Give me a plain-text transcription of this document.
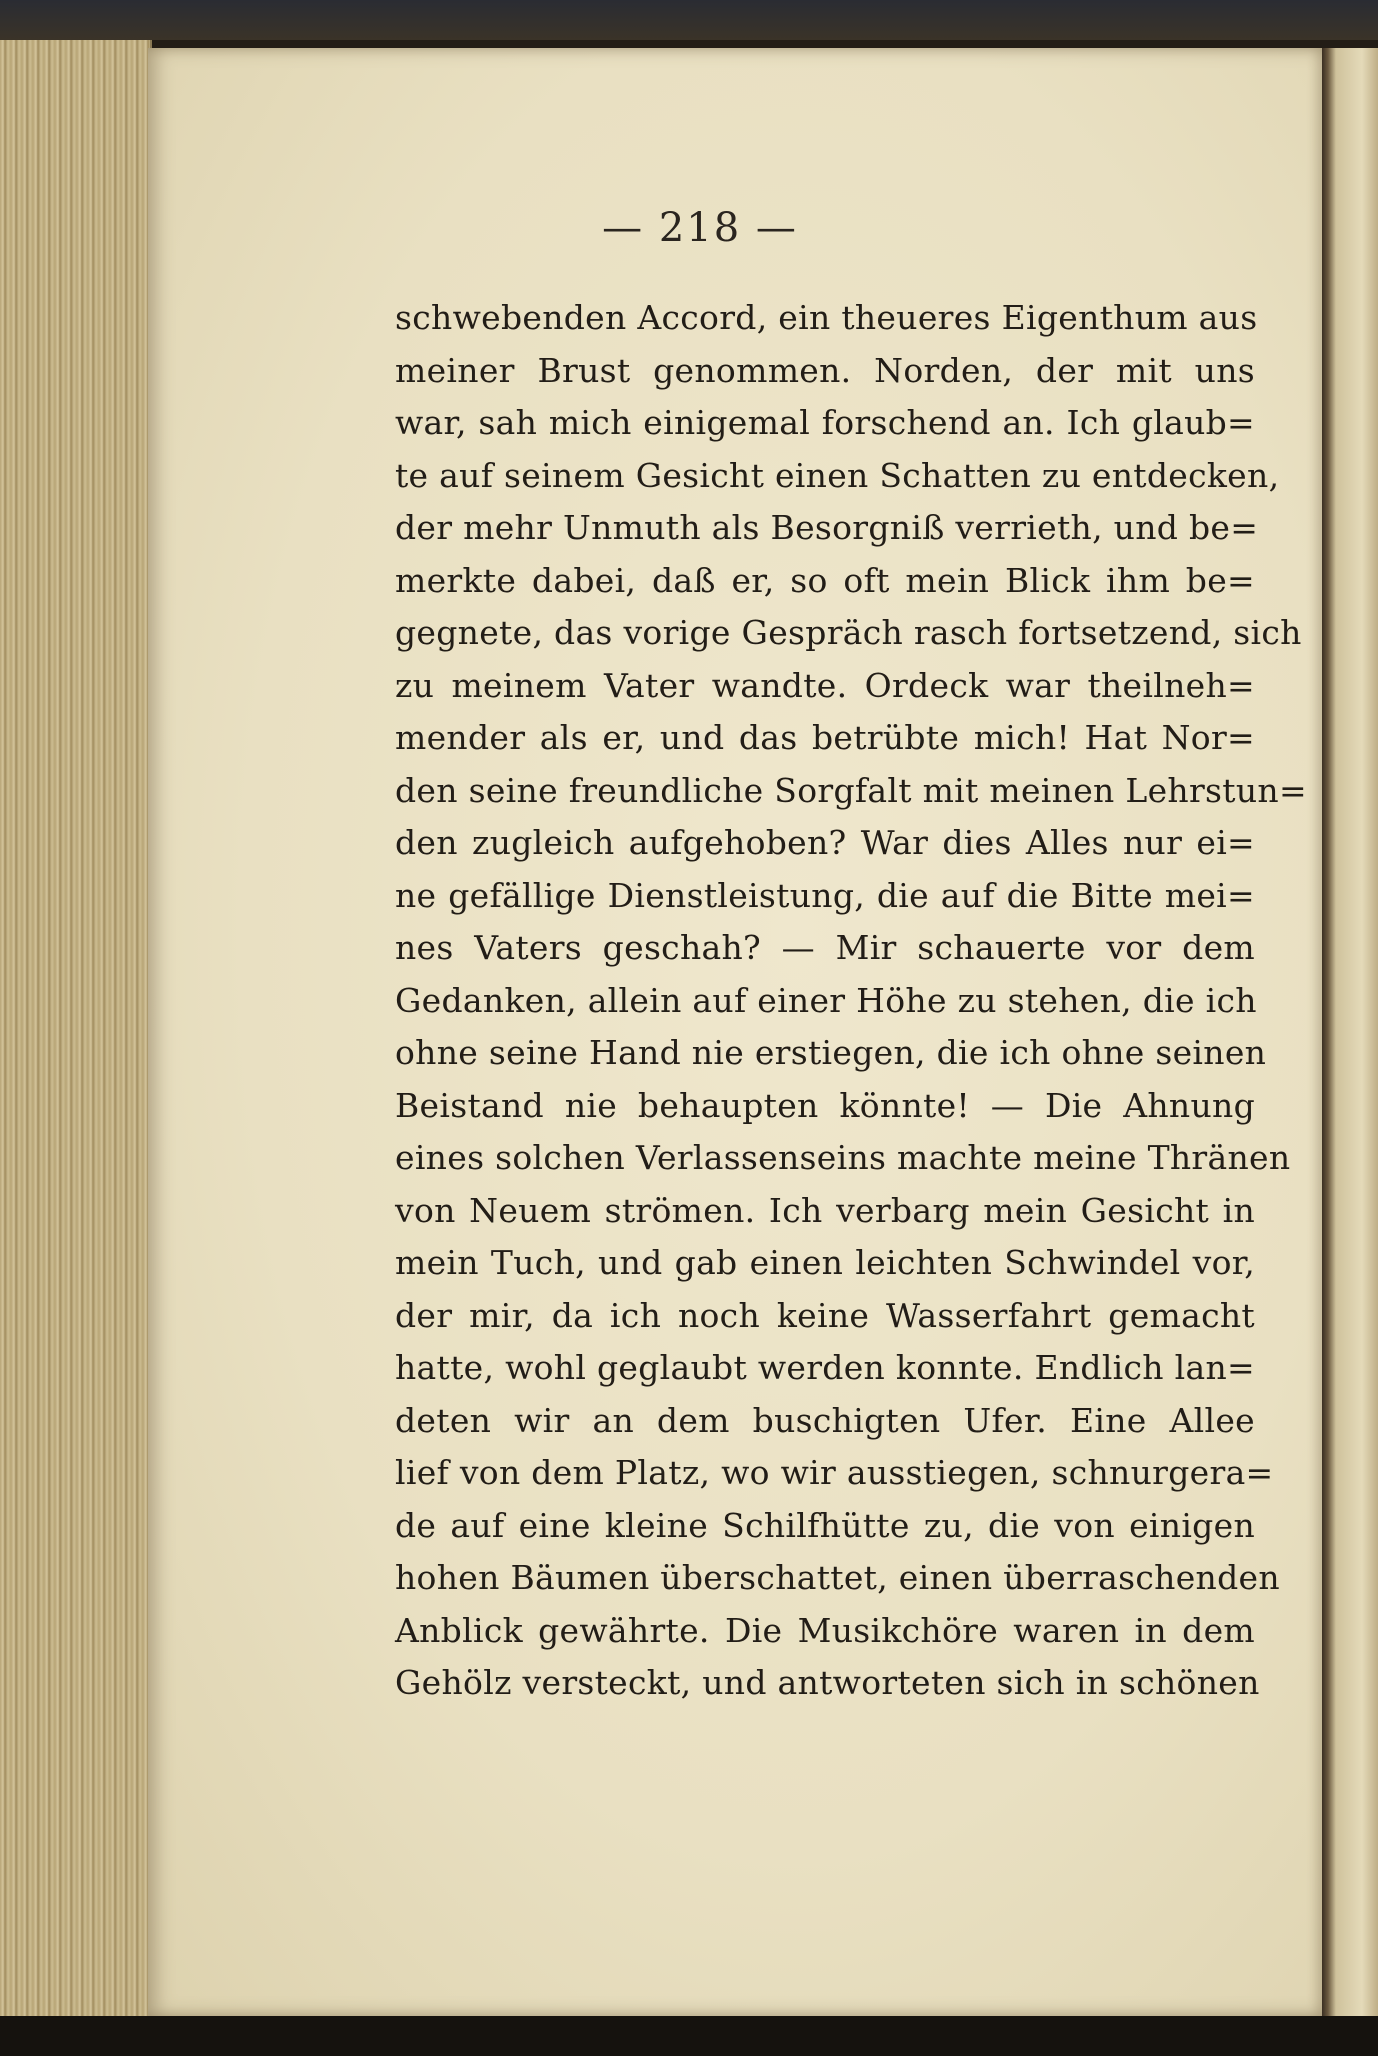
— 218 —
schwebenden Accord, ein theueres Eigenthum aus
meiner Brust genommen. Norden, der mit uns
war, sah mich einigemal forschend an. Ich glaub=
te auf seinem Gesicht einen Schatten zu entdecken,
der mehr Unmuth als Besorgniß verrieth, und be=
merkte dabei, daß er, so oft mein Blick ihm be=
gegnete, das vorige Gespräch rasch fortsetzend, sich
zu meinem Vater wandte. Ordeck war theilneh=
mender als er, und das betrübte mich! Hat Nor=
den seine freundliche Sorgfalt mit meinen Lehrstun=
den zugleich aufgehoben? War dies Alles nur ei=
ne gefällige Dienstleistung, die auf die Bitte mei=
nes Vaters geschah? — Mir schauerte vor dem
Gedanken, allein auf einer Höhe zu stehen, die ich
ohne seine Hand nie erstiegen, die ich ohne seinen
Beistand nie behaupten könnte! — Die Ahnung
eines solchen Verlassenseins machte meine Thränen
von Neuem strömen. Ich verbarg mein Gesicht in
mein Tuch, und gab einen leichten Schwindel vor,
der mir, da ich noch keine Wasserfahrt gemacht
hatte, wohl geglaubt werden konnte. Endlich lan=
deten wir an dem buschigten Ufer. Eine Allee
lief von dem Platz, wo wir ausstiegen, schnurgera=
de auf eine kleine Schilfhütte zu, die von einigen
hohen Bäumen überschattet, einen überraschenden
Anblick gewährte. Die Musikchöre waren in dem
Gehölz versteckt, und antworteten sich in schönen
